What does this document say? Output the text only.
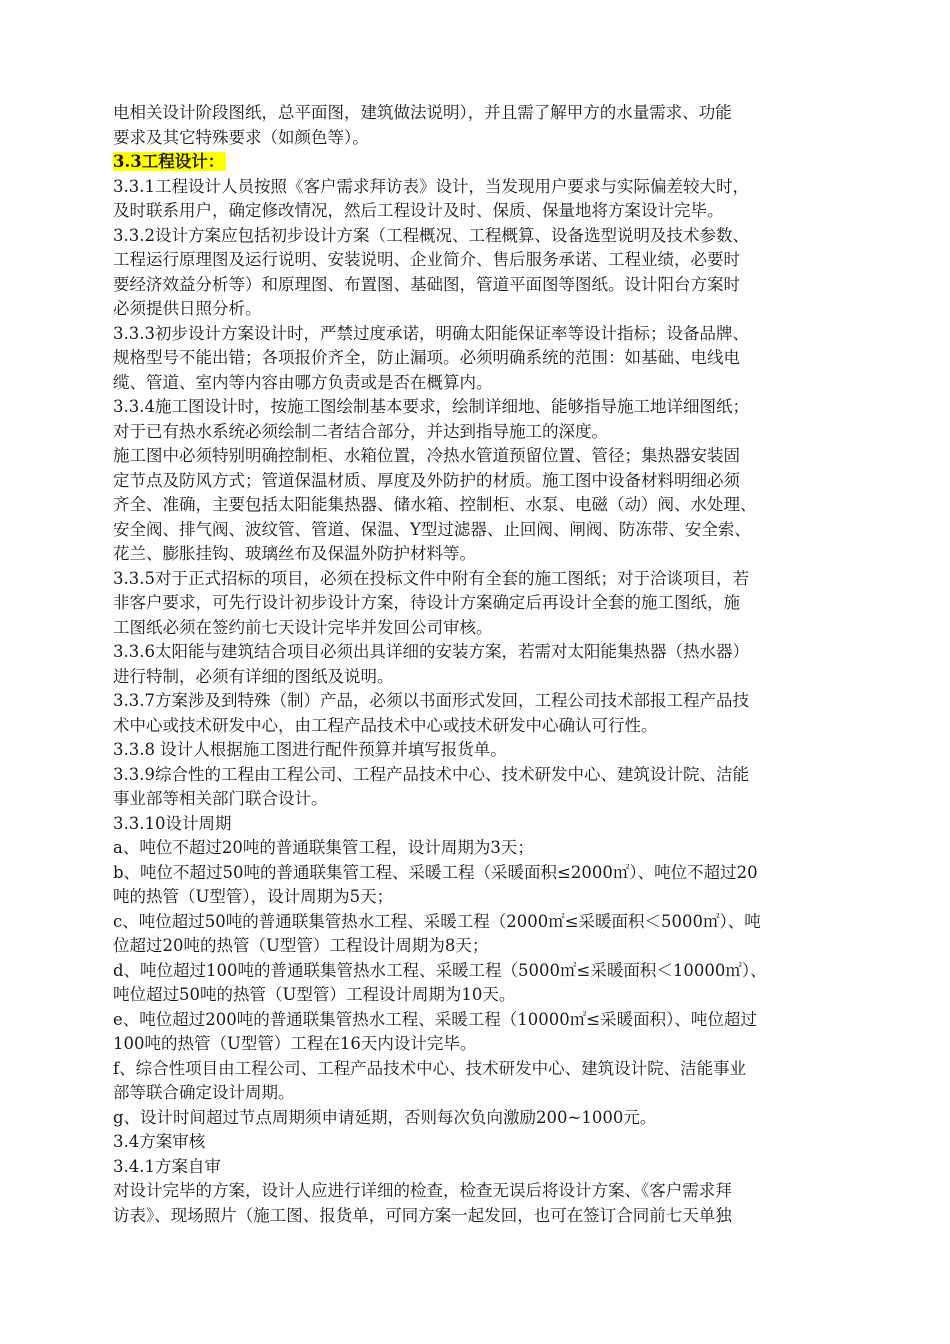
电相关设计阶段图纸，总平面图，建筑做法说明），并且需了解甲方的水量需求、功能
要求及其它特殊要求（如颜色等）。
3.3工程设计：
3.3.1工程设计人员按照《客户需求拜访表》设计，当发现用户要求与实际偏差较大时，
及时联系用户，确定修改情况，然后工程设计及时、保质、保量地将方案设计完毕。
3.3.2设计方案应包括初步设计方案（工程概况、工程概算、设备选型说明及技术参数、
工程运行原理图及运行说明、安装说明、企业简介、售后服务承诺、工程业绩，必要时
要经济效益分析等）和原理图、布置图、基础图，管道平面图等图纸。设计阳台方案时
必须提供日照分析。
3.3.3初步设计方案设计时，严禁过度承诺，明确太阳能保证率等设计指标；设备品牌、
规格型号不能出错；各项报价齐全，防止漏项。必须明确系统的范围：如基础、电线电
缆、管道、室内等内容由哪方负责或是否在概算内。
3.3.4施工图设计时，按施工图绘制基本要求，绘制详细地、能够指导施工地详细图纸；
对于已有热水系统必须绘制二者结合部分，并达到指导施工的深度。
施工图中必须特别明确控制柜、水箱位置，冷热水管道预留位置、管径；集热器安装固
定节点及防风方式；管道保温材质、厚度及外防护的材质。施工图中设备材料明细必须
齐全、准确，主要包括太阳能集热器、储水箱、控制柜、水泵、电磁（动）阀、水处理、
安全阀、排气阀、波纹管、管道、保温、Y型过滤器、止回阀、闸阀、防冻带、安全索、
花兰、膨胀挂钩、玻璃丝布及保温外防护材料等。
3.3.5对于正式招标的项目，必须在投标文件中附有全套的施工图纸；对于洽谈项目，若
非客户要求，可先行设计初步设计方案，待设计方案确定后再设计全套的施工图纸，施
工图纸必须在签约前七天设计完毕并发回公司审核。
3.3.6太阳能与建筑结合项目必须出具详细的安装方案，若需对太阳能集热器（热水器）
进行特制，必须有详细的图纸及说明。
3.3.7方案涉及到特殊（制）产品，必须以书面形式发回，工程公司技术部报工程产品技
术中心或技术研发中心，由工程产品技术中心或技术研发中心确认可行性。
3.3.8 设计人根据施工图进行配件预算并填写报货单。
3.3.9综合性的工程由工程公司、工程产品技术中心、技术研发中心、建筑设计院、洁能
事业部等相关部门联合设计。
3.3.10设计周期
a、吨位不超过20吨的普通联集管工程，设计周期为3天；
b、吨位不超过50吨的普通联集管工程、采暖工程（采暖面积≤2000㎡）、吨位不超过20
吨的热管（U型管），设计周期为5天；
c、吨位超过50吨的普通联集管热水工程、采暖工程（2000㎡≤采暖面积＜5000㎡）、吨
位超过20吨的热管（U型管）工程设计周期为8天；
d、吨位超过100吨的普通联集管热水工程、采暖工程（5000㎡≤采暖面积＜10000㎡）、
吨位超过50吨的热管（U型管）工程设计周期为10天。
e、吨位超过200吨的普通联集管热水工程、采暖工程（10000㎡≤采暖面积）、吨位超过
100吨的热管（U型管）工程在16天内设计完毕。
f、综合性项目由工程公司、工程产品技术中心、技术研发中心、建筑设计院、洁能事业
部等联合确定设计周期。
g、设计时间超过节点周期须申请延期，否则每次负向激励200~1000元。
3.4方案审核
3.4.1方案自审
对设计完毕的方案，设计人应进行详细的检查，检查无误后将设计方案、《客户需求拜
访表》、现场照片（施工图、报货单，可同方案一起发回，也可在签订合同前七天单独
